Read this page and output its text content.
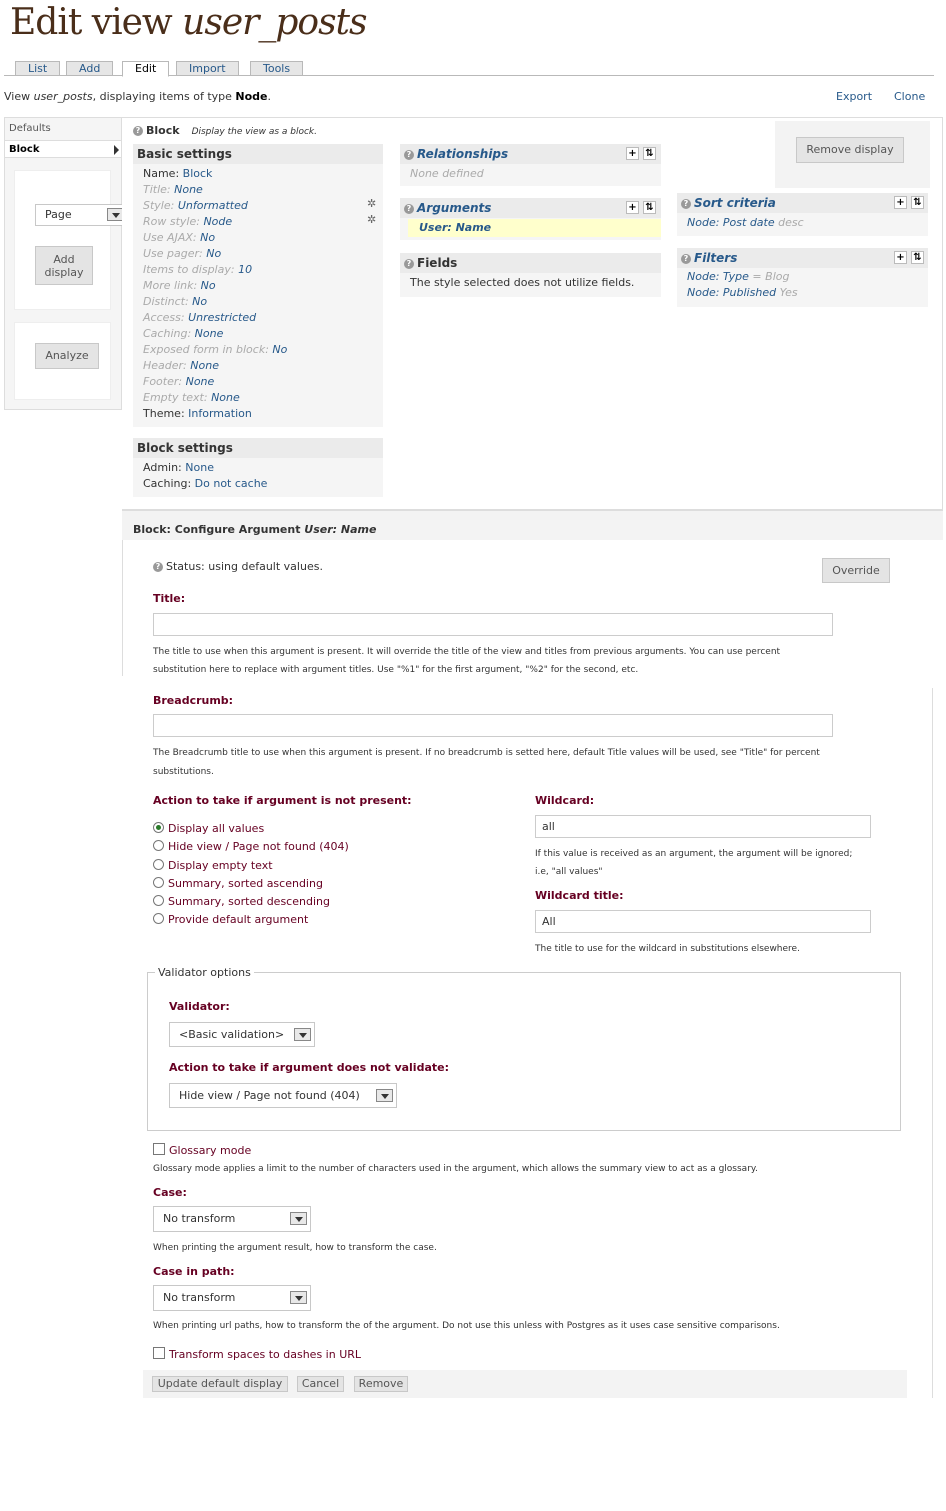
Edit view user_posts
List	Add	Edit	Import	Tools
View user_posts, displaying items of type Node.	Export Clone
Defaults
Block
Page
Add display
Analyze
? Block Display the view as a block.
Remove display
Basic settings
Name: Block
Title: None
Style: Unformatted
Row style: Node
Use AJAX: No
Use pager: No
Items to display: 10
More link: No
Distinct: No
Access: Unrestricted
Caching: None
Exposed form in block: No
Header: None
Footer: None
Empty text: None
Theme: Information
✲
✲
Block settings
Admin: None
Caching: Do not cache
? Relationships	+ ⇅
None defined
? Arguments	+ ⇅
User: Name
? Fields
The style selected does not utilize fields.
? Sort criteria	+ ⇅
Node: Post date desc
? Filters	+ ⇅
Node: Type = Blog
Node: Published Yes
Block: Configure Argument User: Name
? Status: using default values.	Override
Title:
The title to use when this argument is present. It will override the title of the view and titles from previous arguments. You can use percent
substitution here to replace with argument titles. Use "%1" for the first argument, "%2" for the second, etc.
Breadcrumb:
The Breadcrumb title to use when this argument is present. If no breadcrumb is setted here, default Title values will be used, see "Title" for percent
substitutions.
Action to take if argument is not present:
Display all values
Hide view / Page not found (404)
Display empty text
Summary, sorted ascending
Summary, sorted descending
Provide default argument
Wildcard:
all
If this value is received as an argument, the argument will be ignored;
i.e, "all values"
Wildcard title:
All
The title to use for the wildcard in substitutions elsewhere.
Validator options
Validator:
<Basic validation>
Action to take if argument does not validate:
Hide view / Page not found (404)
Glossary mode
Glossary mode applies a limit to the number of characters used in the argument, which allows the summary view to act as a glossary.
Case:
No transform
When printing the argument result, how to transform the case.
Case in path:
No transform
When printing url paths, how to transform the of the argument. Do not use this unless with Postgres as it uses case sensitive comparisons.
Transform spaces to dashes in URL
Update default display	Cancel	Remove
